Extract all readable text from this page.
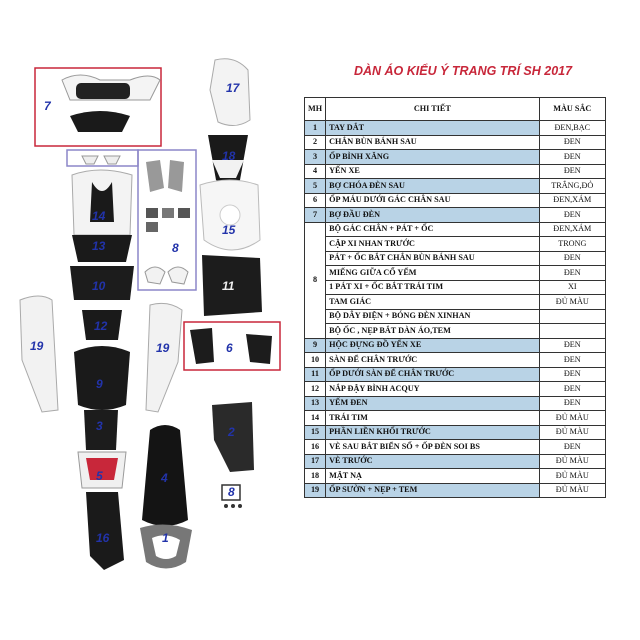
7
17
18
15
11
8
14
13
10
12
19	19	6
9
2
3
4
5
8
16	1
DÀN ÁO KIỂU Ý TRANG TRÍ SH 2017
MH	CHI TIẾT	MÀU SẮC
1	TAY DẮT	ĐEN,BẠC
2	CHẮN BÙN BÁNH SAU	ĐEN
3	ỐP BÌNH XĂNG	ĐEN
4	YẾN XE	ĐEN
5	BỢ CHÓA ĐÈN SAU	TRẮNG,ĐỎ
6	ỐP MÁU DƯỚI GÁC CHÂN SAU	ĐEN,XÁM
7	BỢ ĐẦU ĐÈN	ĐEN
8	BỘ GÁC CHÂN + PÁT + ỐC	ĐEN,XÁM
	CẶP XI NHAN TRƯỚC	TRONG
	PÁT + ỐC BẮT CHẮN BÙN BÁNH SAU	ĐEN
	MIẾNG GIỮA CỔ YẾM	ĐEN
	1 PÁT XI + ỐC BẮT TRÁI TIM	XI
	TAM GIÁC	ĐỦ MÀU
	BỘ DÂY ĐIỆN + BÓNG ĐÈN XINHAN	
	BỘ ỐC , NẸP BẮT DÀN ÁO,TEM	
9	HỘC ĐỰNG ĐỒ YẾN XE	ĐEN
10	SÀN ĐỂ CHÂN TRƯỚC	ĐEN
11	ỐP DƯỚI SÀN ĐỂ CHÂN TRƯỚC	ĐEN
12	NẮP ĐẬY BÌNH ACQUY	ĐEN
13	YẾM ĐEN	ĐEN
14	TRÁI TIM	ĐỦ MÀU
15	PHẦN LIỀN KHỐI TRƯỚC	ĐỦ MÀU
16	VÈ SAU BẮT BIỂN SỐ + ỐP ĐÈN SOI BS	ĐEN
17	VÈ TRƯỚC	ĐỦ MÀU
18	MẶT NẠ	ĐỦ MÀU
19	ỐP SƯỜN + NẸP + TEM	ĐỦ MÀU
